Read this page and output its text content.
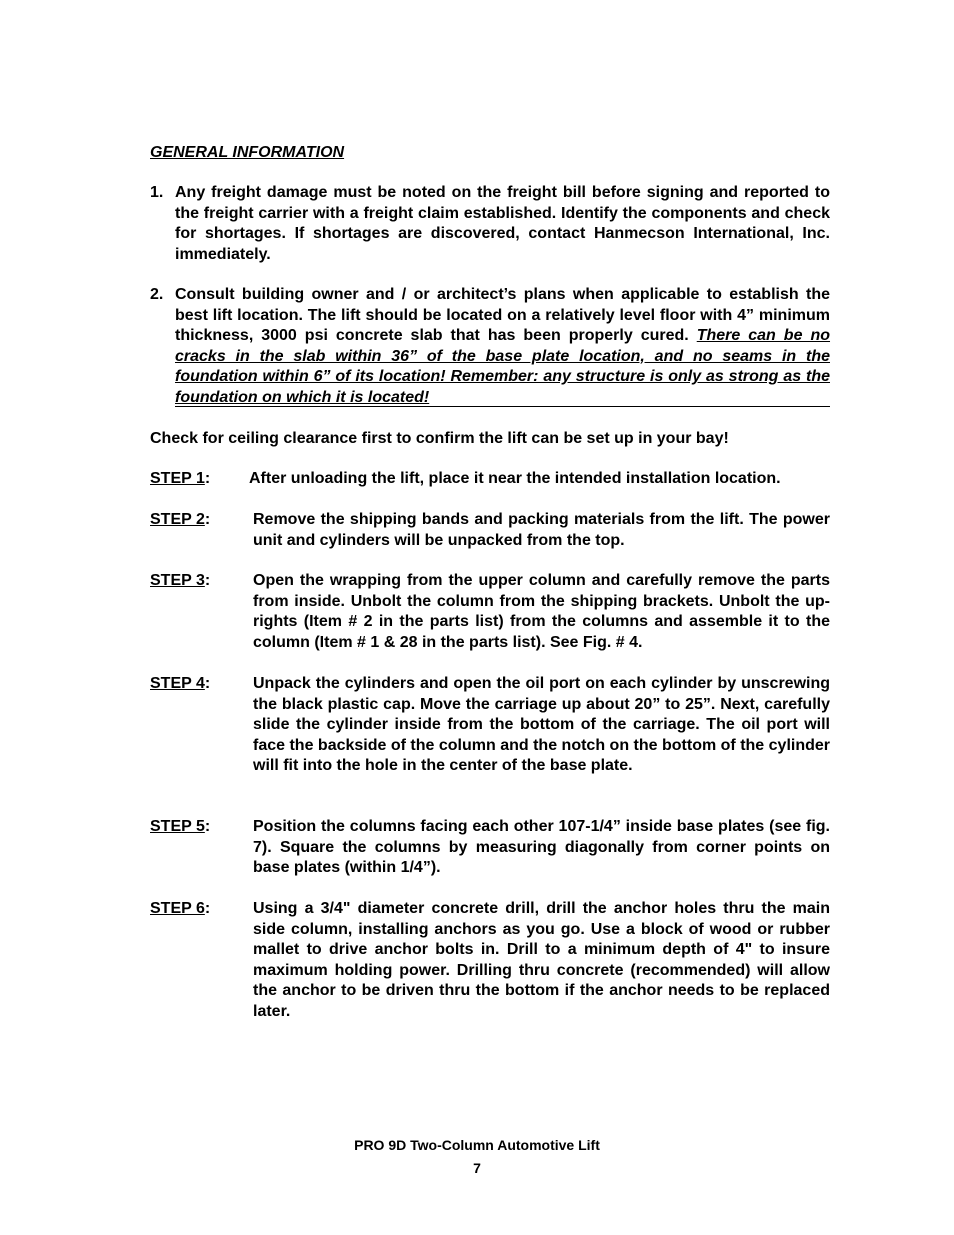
GENERAL INFORMATION
1. Any freight damage must be noted on the freight bill before signing and reported to the freight carrier with a freight claim established. Identify the components and check for shortages. If shortages are discovered, contact Hanmecson International, Inc. immediately.
2. Consult building owner and / or architect’s plans when applicable to establish the best lift location. The lift should be located on a relatively level floor with 4” minimum thickness, 3000 psi concrete slab that has been properly cured. There can be no cracks in the slab within 36” of the base plate location, and no seams in the foundation within 6” of its location! Remember: any structure is only as strong as the foundation on which it is located!
Check for ceiling clearance first to confirm the lift can be set up in your bay!
STEP 1: After unloading the lift, place it near the intended installation location.
STEP 2:	Remove the shipping bands and packing materials from the lift. The power unit and cylinders will be unpacked from the top.
STEP 3:	Open the wrapping from the upper column and carefully remove the parts from inside. Unbolt the column from the shipping brackets. Unbolt the up-rights (Item # 2 in the parts list) from the columns and assemble it to the column (Item # 1 & 28 in the parts list). See Fig. # 4.
STEP 4:	Unpack the cylinders and open the oil port on each cylinder by unscrewing the black plastic cap. Move the carriage up about 20” to 25”. Next, carefully slide the cylinder inside from the bottom of the carriage. The oil port will face the backside of the column and the notch on the bottom of the cylinder will fit into the hole in the center of the base plate.
STEP 5:	Position the columns facing each other 107-1/4” inside base plates (see fig. 7). Square the columns by measuring diagonally from corner points on base plates (within 1/4”).
STEP 6:	Using a 3/4" diameter concrete drill, drill the anchor holes thru the main side column, installing anchors as you go. Use a block of wood or rubber mallet to drive anchor bolts in. Drill to a minimum depth of 4" to insure maximum holding power. Drilling thru concrete (recommended) will allow the anchor to be driven thru the bottom if the anchor needs to be replaced later.
PRO 9D Two-Column Automotive Lift
7
